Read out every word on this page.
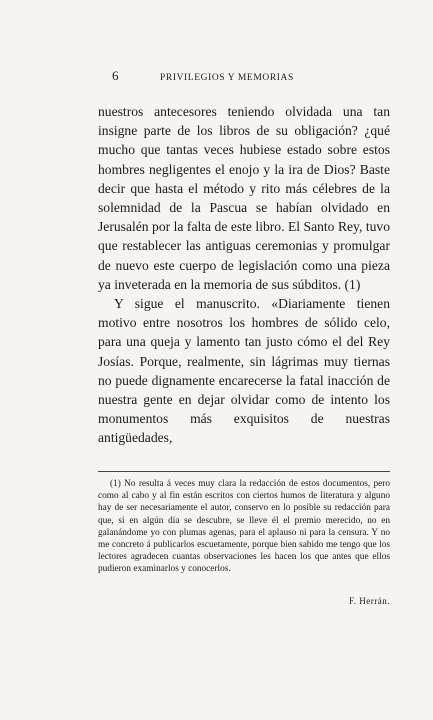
6	PRIVILEGIOS Y MEMORIAS

nuestros antecesores teniendo olvidada una tan insigne parte de los libros de su obligación? ¿qué mucho que tantas veces hubiese estado sobre estos hombres negligentes el enojo y la ira de Dios? Baste decir que hasta el método y rito más célebres de la solemnidad de la Pascua se habían olvidado en Jerusalén por la falta de este libro. El Santo Rey, tuvo que restablecer las antiguas ceremonias y promulgar de nuevo este cuerpo de legislación como una pieza ya inveterada en la memoria de sus súbditos. (1)

Y sigue el manuscrito. «Diariamente tienen motivo entre nosotros los hombres de sólido celo, para una queja y lamento tan justo cómo el del Rey Josías. Porque, realmente, sin lágrimas muy tiernas no puede dignamente encarecerse la fatal inacción de nuestra gente en dejar olvidar como de intento los monumentos más exquisitos de nuestras antigüedades,

(1) No resulta á veces muy clara la redacción de estos documentos, pero como al cabo y al fin están escritos con ciertos humos de literatura y alguno hay de ser necesariamente el autor, conservo en lo posible su redacción para que, si en algún día se descubre, se lleve él el premio merecido, no en galanándome yo con plumas agenas, para el aplauso ni para la censura. Y no me concreto á publicarlos escuetamente, porque bien sabido me tengo que los lectores agradecen cuantas observaciones les hacen los que antes que ellos pudieron examinarlos y conocerlos.

F. Herrán.
